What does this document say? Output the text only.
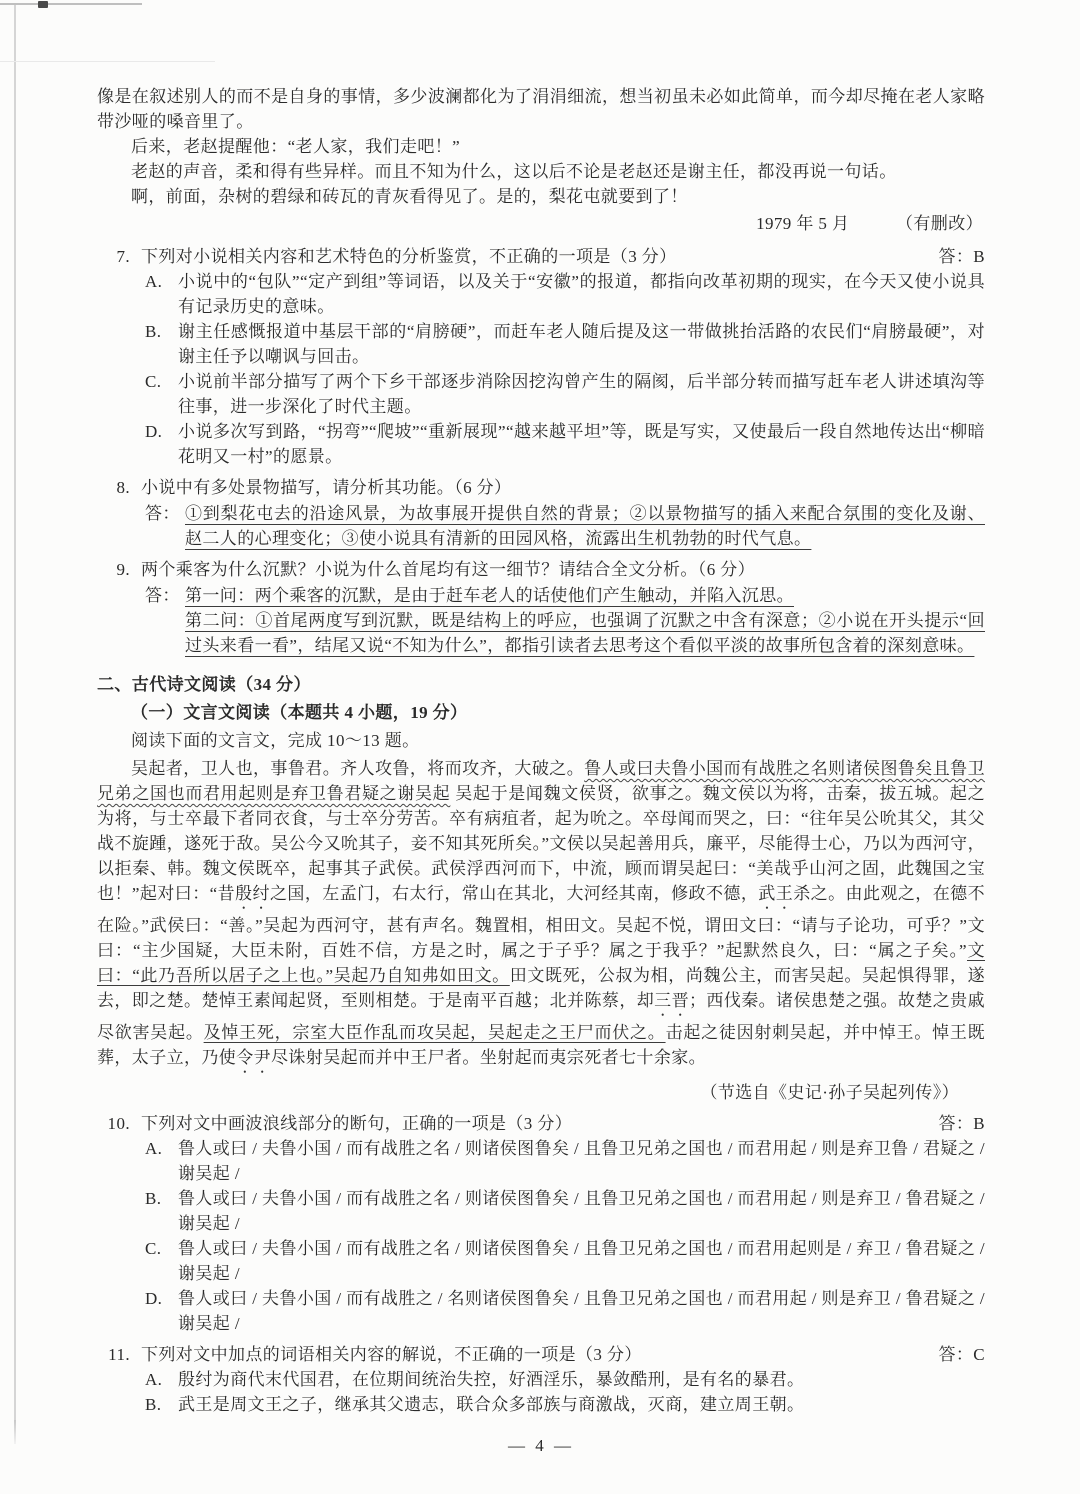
像是在叙述别人的而不是自身的事情，多少波澜都化为了涓涓细流，想当初虽未必如此简单，而今却尽掩在老人家略带沙哑的嗓音里了。

后来，老赵提醒他：“老人家，我们走吧！”

老赵的声音，柔和得有些异样。而且不知为什么，这以后不论是老赵还是谢主任，都没再说一句话。

啊，前面，杂树的碧绿和砖瓦的青灰看得见了。是的，梨花屯就要到了！

1979 年 5 月	（有删改）

7. 下列对小说相关内容和艺术特色的分析鉴赏，不正确的一项是（3 分）	答：B
A. 小说中的“包队”“定产到组”等词语，以及关于“安徽”的报道，都指向改革初期的现实，在今天又使小说具有记录历史的意味。
B. 谢主任感慨报道中基层干部的“肩膀硬”，而赶车老人随后提及这一带做挑抬活路的农民们“肩膀最硬”，对谢主任予以嘲讽与回击。
C. 小说前半部分描写了两个下乡干部逐步消除因挖沟曾产生的隔阂，后半部分转而描写赶车老人讲述填沟等往事，进一步深化了时代主题。
D. 小说多次写到路，“拐弯”“爬坡”“重新展现”“越来越平坦”等，既是写实，又使最后一段自然地传达出“柳暗花明又一村”的愿景。
8. 小说中有多处景物描写，请分析其功能。（6 分）
答： ①到梨花屯去的沿途风景，为故事展开提供自然的背景；②以景物描写的插入来配合氛围的变化及谢、赵二人的心理变化；③使小说具有清新的田园风格，流露出生机勃勃的时代气息。
9. 两个乘客为什么沉默？小说为什么首尾均有这一细节？请结合全文分析。（6 分）
答： 第一问：两个乘客的沉默，是由于赶车老人的话使他们产生触动，并陷入沉思。

第二问：①首尾两度写到沉默，既是结构上的呼应，也强调了沉默之中含有深意；②小说在开头提示“回过头来看一看”，结尾又说“不知为什么”，都指引读者去思考这个看似平淡的故事所包含着的深刻意味。

二、古代诗文阅读（34 分）

（一）文言文阅读（本题共 4 小题，19 分）

阅读下面的文言文，完成 10～13 题。

吴起者，卫人也，事鲁君。齐人攻鲁，将而攻齐，大破之。鲁人或曰夫鲁小国而有战胜之名则诸侯图鲁矣且鲁卫兄弟之国也而君用起则是弃卫鲁君疑之谢吴起 吴起于是闻魏文侯贤，欲事之。魏文侯以为将，击秦，拔五城。起之为将，与士卒最下者同衣食，与士卒分劳苦。卒有病疽者，起为吮之。卒母闻而哭之，曰：“往年吴公吮其父，其父战不旋踵，遂死于敌。吴公今又吮其子，妾不知其死所矣。”文侯以吴起善用兵，廉平，尽能得士心，乃以为西河守，以拒秦、韩。魏文侯既卒，起事其子武侯。武侯浮西河而下，中流，顾而谓吴起曰：“美哉乎山河之固，此魏国之宝也！”起对曰：“昔殷纣之国，左孟门，右太行，常山在其北，大河经其南，修政不德，武王杀之。由此观之，在德不在险。”武侯曰：“善。”吴起为西河守，甚有声名。魏置相，相田文。吴起不悦，谓田文曰：“请与子论功，可乎？”文曰：“主少国疑，大臣未附，百姓不信，方是之时，属之于子乎？属之于我乎？”起默然良久，曰：“属之子矣。”文曰：“此乃吾所以居子之上也。”吴起乃自知弗如田文。田文既死，公叔为相，尚魏公主，而害吴起。吴起惧得罪，遂去，即之楚。楚悼王素闻起贤，至则相楚。于是南平百越；北并陈蔡，却三晋；西伐秦。诸侯患楚之强。故楚之贵戚尽欲害吴起。及悼王死，宗室大臣作乱而攻吴起，吴起走之王尸而伏之。击起之徒因射刺吴起，并中悼王。悼王既葬，太子立，乃使令尹尽诛射吴起而并中王尸者。坐射起而夷宗死者七十余家。

（节选自《史记·孙子吴起列传》）

10. 下列对文中画波浪线部分的断句，正确的一项是（3 分）	答：B
A. 鲁人或曰 / 夫鲁小国 / 而有战胜之名 / 则诸侯图鲁矣 / 且鲁卫兄弟之国也 / 而君用起 / 则是弃卫鲁 / 君疑之 / 谢吴起 /
B. 鲁人或曰 / 夫鲁小国 / 而有战胜之名 / 则诸侯图鲁矣 / 且鲁卫兄弟之国也 / 而君用起 / 则是弃卫 / 鲁君疑之 / 谢吴起 /
C. 鲁人或曰 / 夫鲁小国 / 而有战胜之名 / 则诸侯图鲁矣 / 且鲁卫兄弟之国也 / 而君用起则是 / 弃卫 / 鲁君疑之 / 谢吴起 /
D. 鲁人或曰 / 夫鲁小国 / 而有战胜之 / 名则诸侯图鲁矣 / 且鲁卫兄弟之国也 / 而君用起 / 则是弃卫 / 鲁君疑之 / 谢吴起 /
11. 下列对文中加点的词语相关内容的解说，不正确的一项是（3 分）	答：C
A. 殷纣为商代末代国君，在位期间统治失控，好酒淫乐，暴敛酷刑，是有名的暴君。
B. 武王是周文王之子，继承其父遗志，联合众多部族与商激战，灭商，建立周王朝。

— 4 —
